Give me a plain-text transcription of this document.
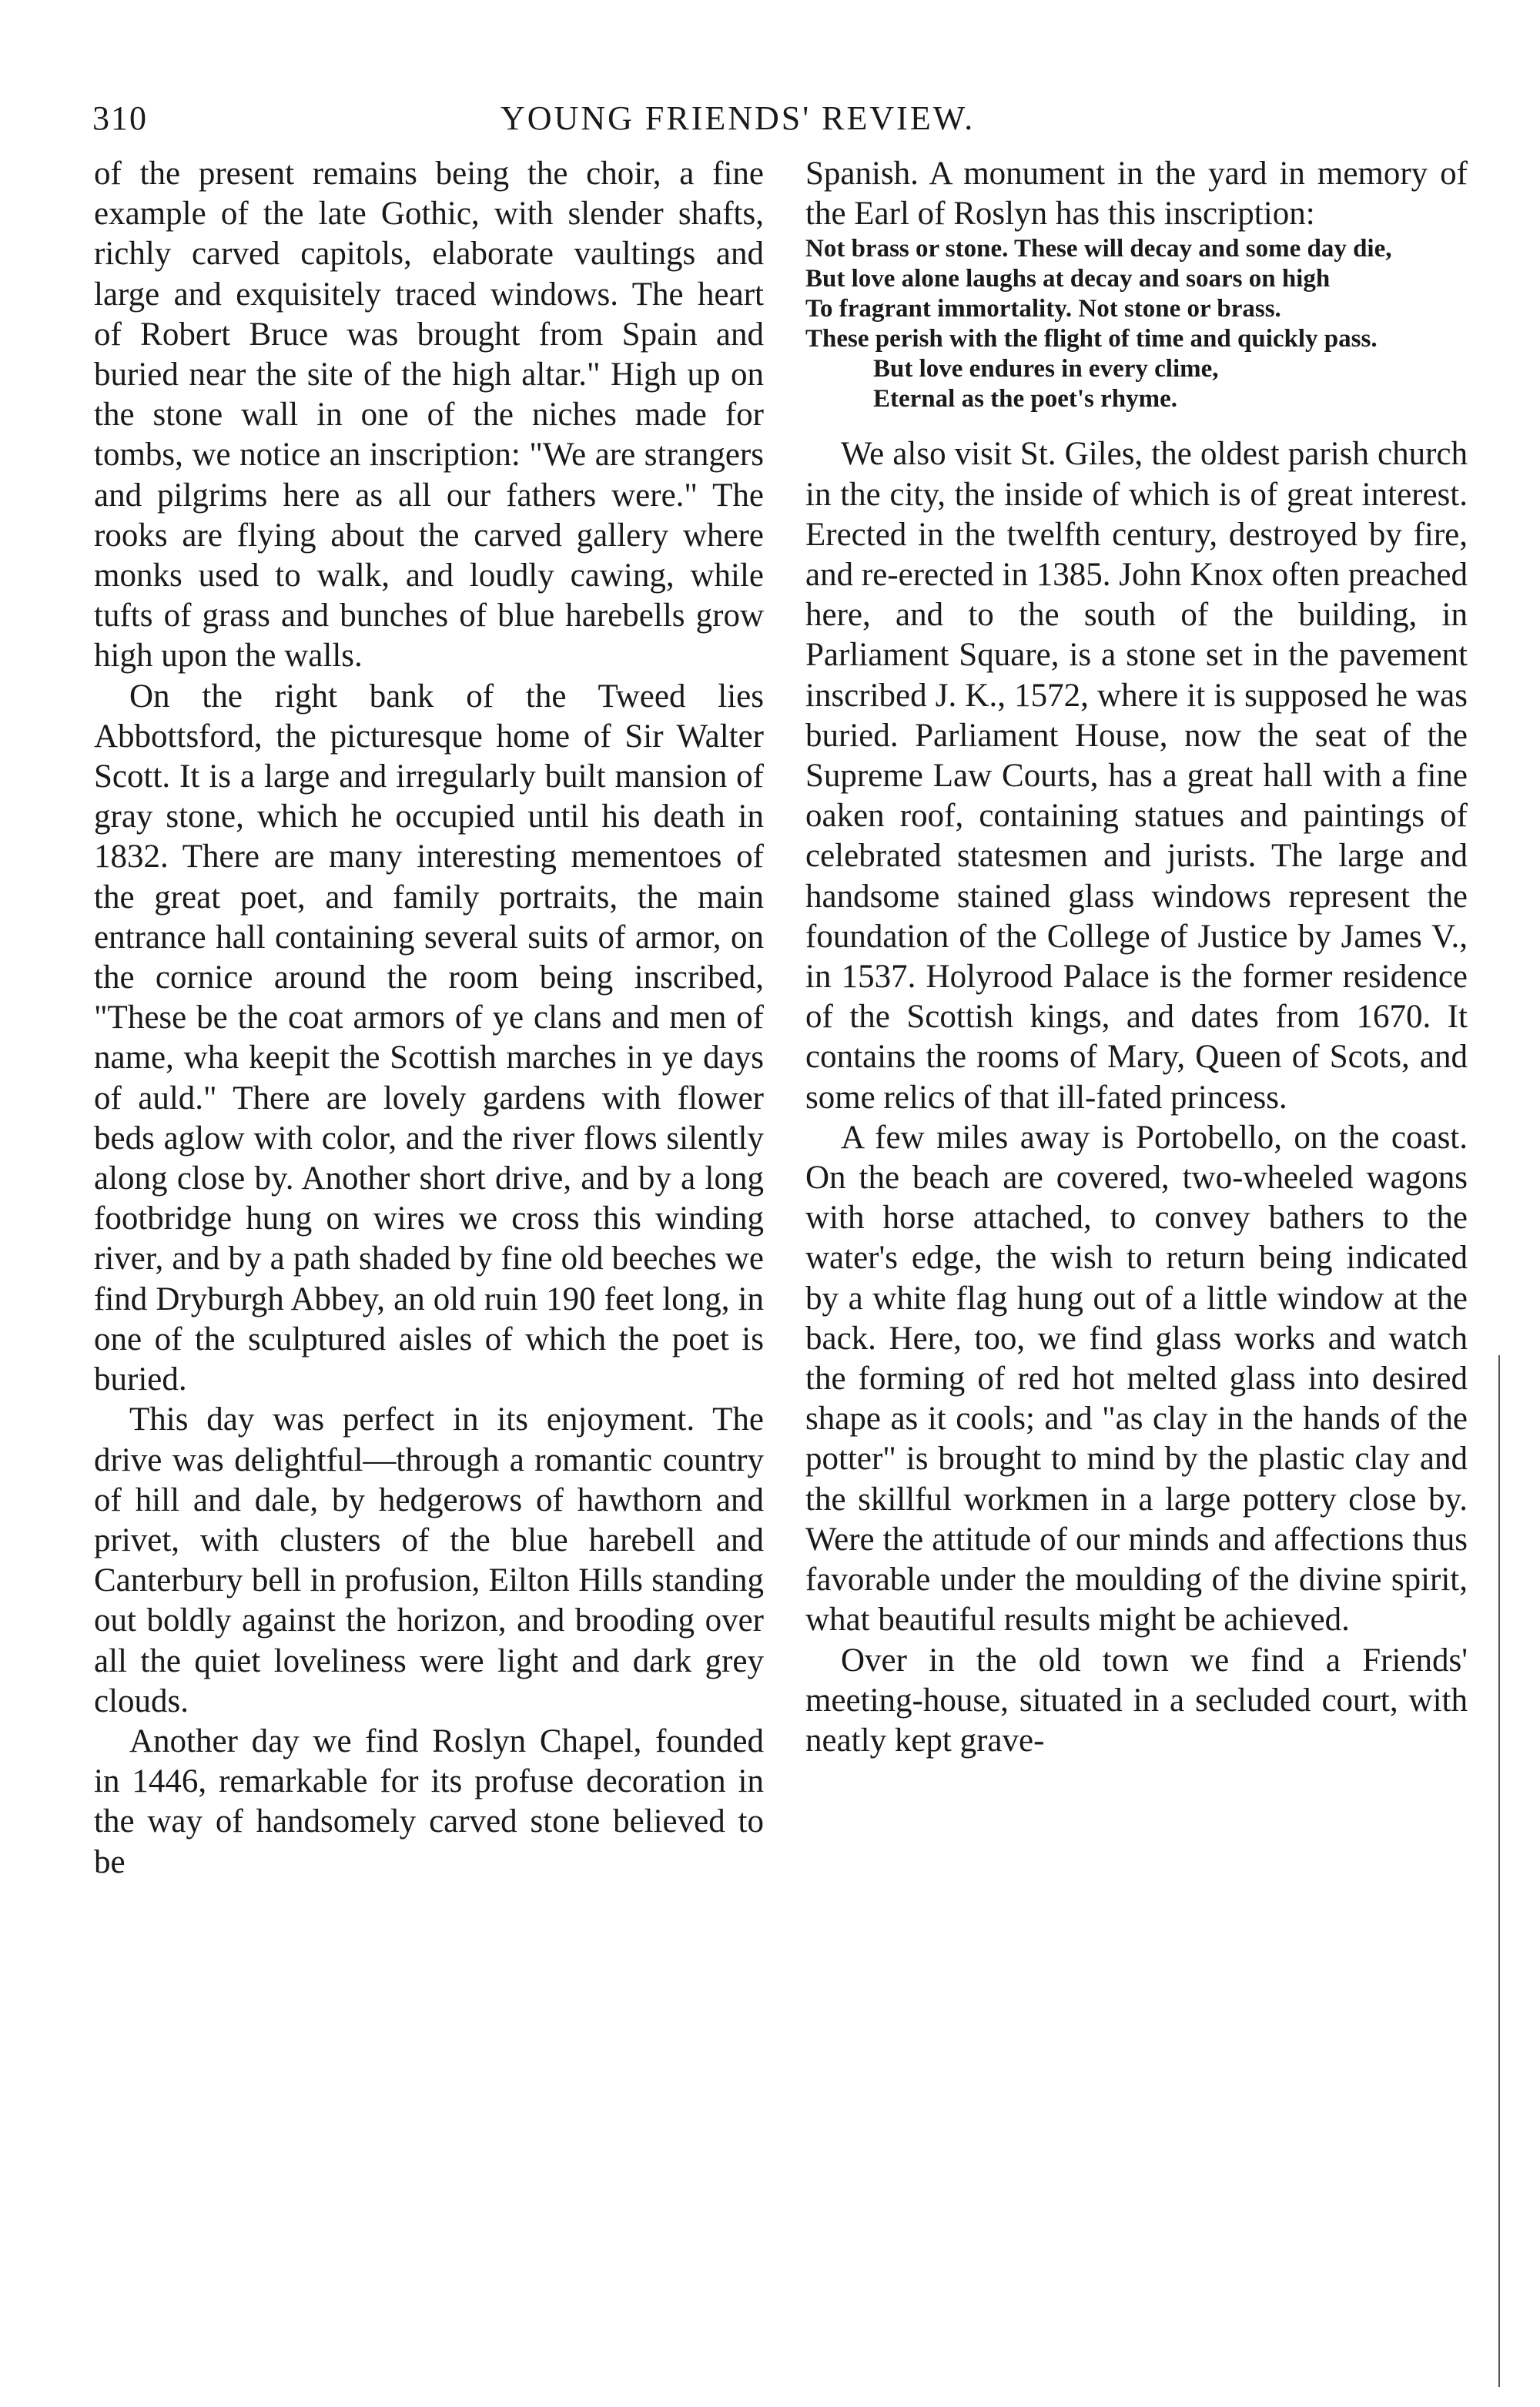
310	YOUNG FRIENDS' REVIEW.

of the present remains being the choir, a fine example of the late Gothic, with slender shafts, richly carved capitols, elaborate vaultings and large and exquisitely traced windows. The heart of Robert Bruce was brought from Spain and buried near the site of the high altar." High up on the stone wall in one of the niches made for tombs, we notice an inscription: "We are strangers and pilgrims here as all our fathers were." The rooks are flying about the carved gallery where monks used to walk, and loudly cawing, while tufts of grass and bunches of blue harebells grow high upon the walls.

On the right bank of the Tweed lies Abbottsford, the picturesque home of Sir Walter Scott. It is a large and irregularly built mansion of gray stone, which he occupied until his death in 1832. There are many interesting mementoes of the great poet, and family portraits, the main entrance hall containing several suits of armor, on the cornice around the room being inscribed, "These be the coat armors of ye clans and men of name, wha keepit the Scottish marches in ye days of auld." There are lovely gardens with flower beds aglow with color, and the river flows silently along close by. Another short drive, and by a long footbridge hung on wires we cross this winding river, and by a path shaded by fine old beeches we find Dryburgh Abbey, an old ruin 190 feet long, in one of the sculptured aisles of which the poet is buried.

This day was perfect in its enjoyment. The drive was delightful—through a romantic country of hill and dale, by hedgerows of hawthorn and privet, with clusters of the blue harebell and Canterbury bell in profusion, Eilton Hills standing out boldly against the horizon, and brooding over all the quiet loveliness were light and dark grey clouds.

Another day we find Roslyn Chapel, founded in 1446, remarkable for its profuse decoration in the way of handsomely carved stone believed to be

Spanish. A monument in the yard in memory of the Earl of Roslyn has this inscription:

Not brass or stone. These will decay and some day die,
But love alone laughs at decay and soars on high
To fragrant immortality. Not stone or brass.
These perish with the flight of time and quickly pass.
But love endures in every clime,
Eternal as the poet's rhyme.

We also visit St. Giles, the oldest parish church in the city, the inside of which is of great interest. Erected in the twelfth century, destroyed by fire, and re-erected in 1385. John Knox often preached here, and to the south of the building, in Parliament Square, is a stone set in the pavement inscribed J. K., 1572, where it is supposed he was buried. Parliament House, now the seat of the Supreme Law Courts, has a great hall with a fine oaken roof, containing statues and paintings of celebrated statesmen and jurists. The large and handsome stained glass windows represent the foundation of the College of Justice by James V., in 1537. Holyrood Palace is the former residence of the Scottish kings, and dates from 1670. It contains the rooms of Mary, Queen of Scots, and some relics of that ill-fated princess.

A few miles away is Portobello, on the coast. On the beach are covered, two-wheeled wagons with horse attached, to convey bathers to the water's edge, the wish to return being indicated by a white flag hung out of a little window at the back. Here, too, we find glass works and watch the forming of red hot melted glass into desired shape as it cools; and "as clay in the hands of the potter" is brought to mind by the plastic clay and the skillful workmen in a large pottery close by. Were the attitude of our minds and affections thus favorable under the moulding of the divine spirit, what beautiful results might be achieved.

Over in the old town we find a Friends' meeting-house, situated in a secluded court, with neatly kept grave-
